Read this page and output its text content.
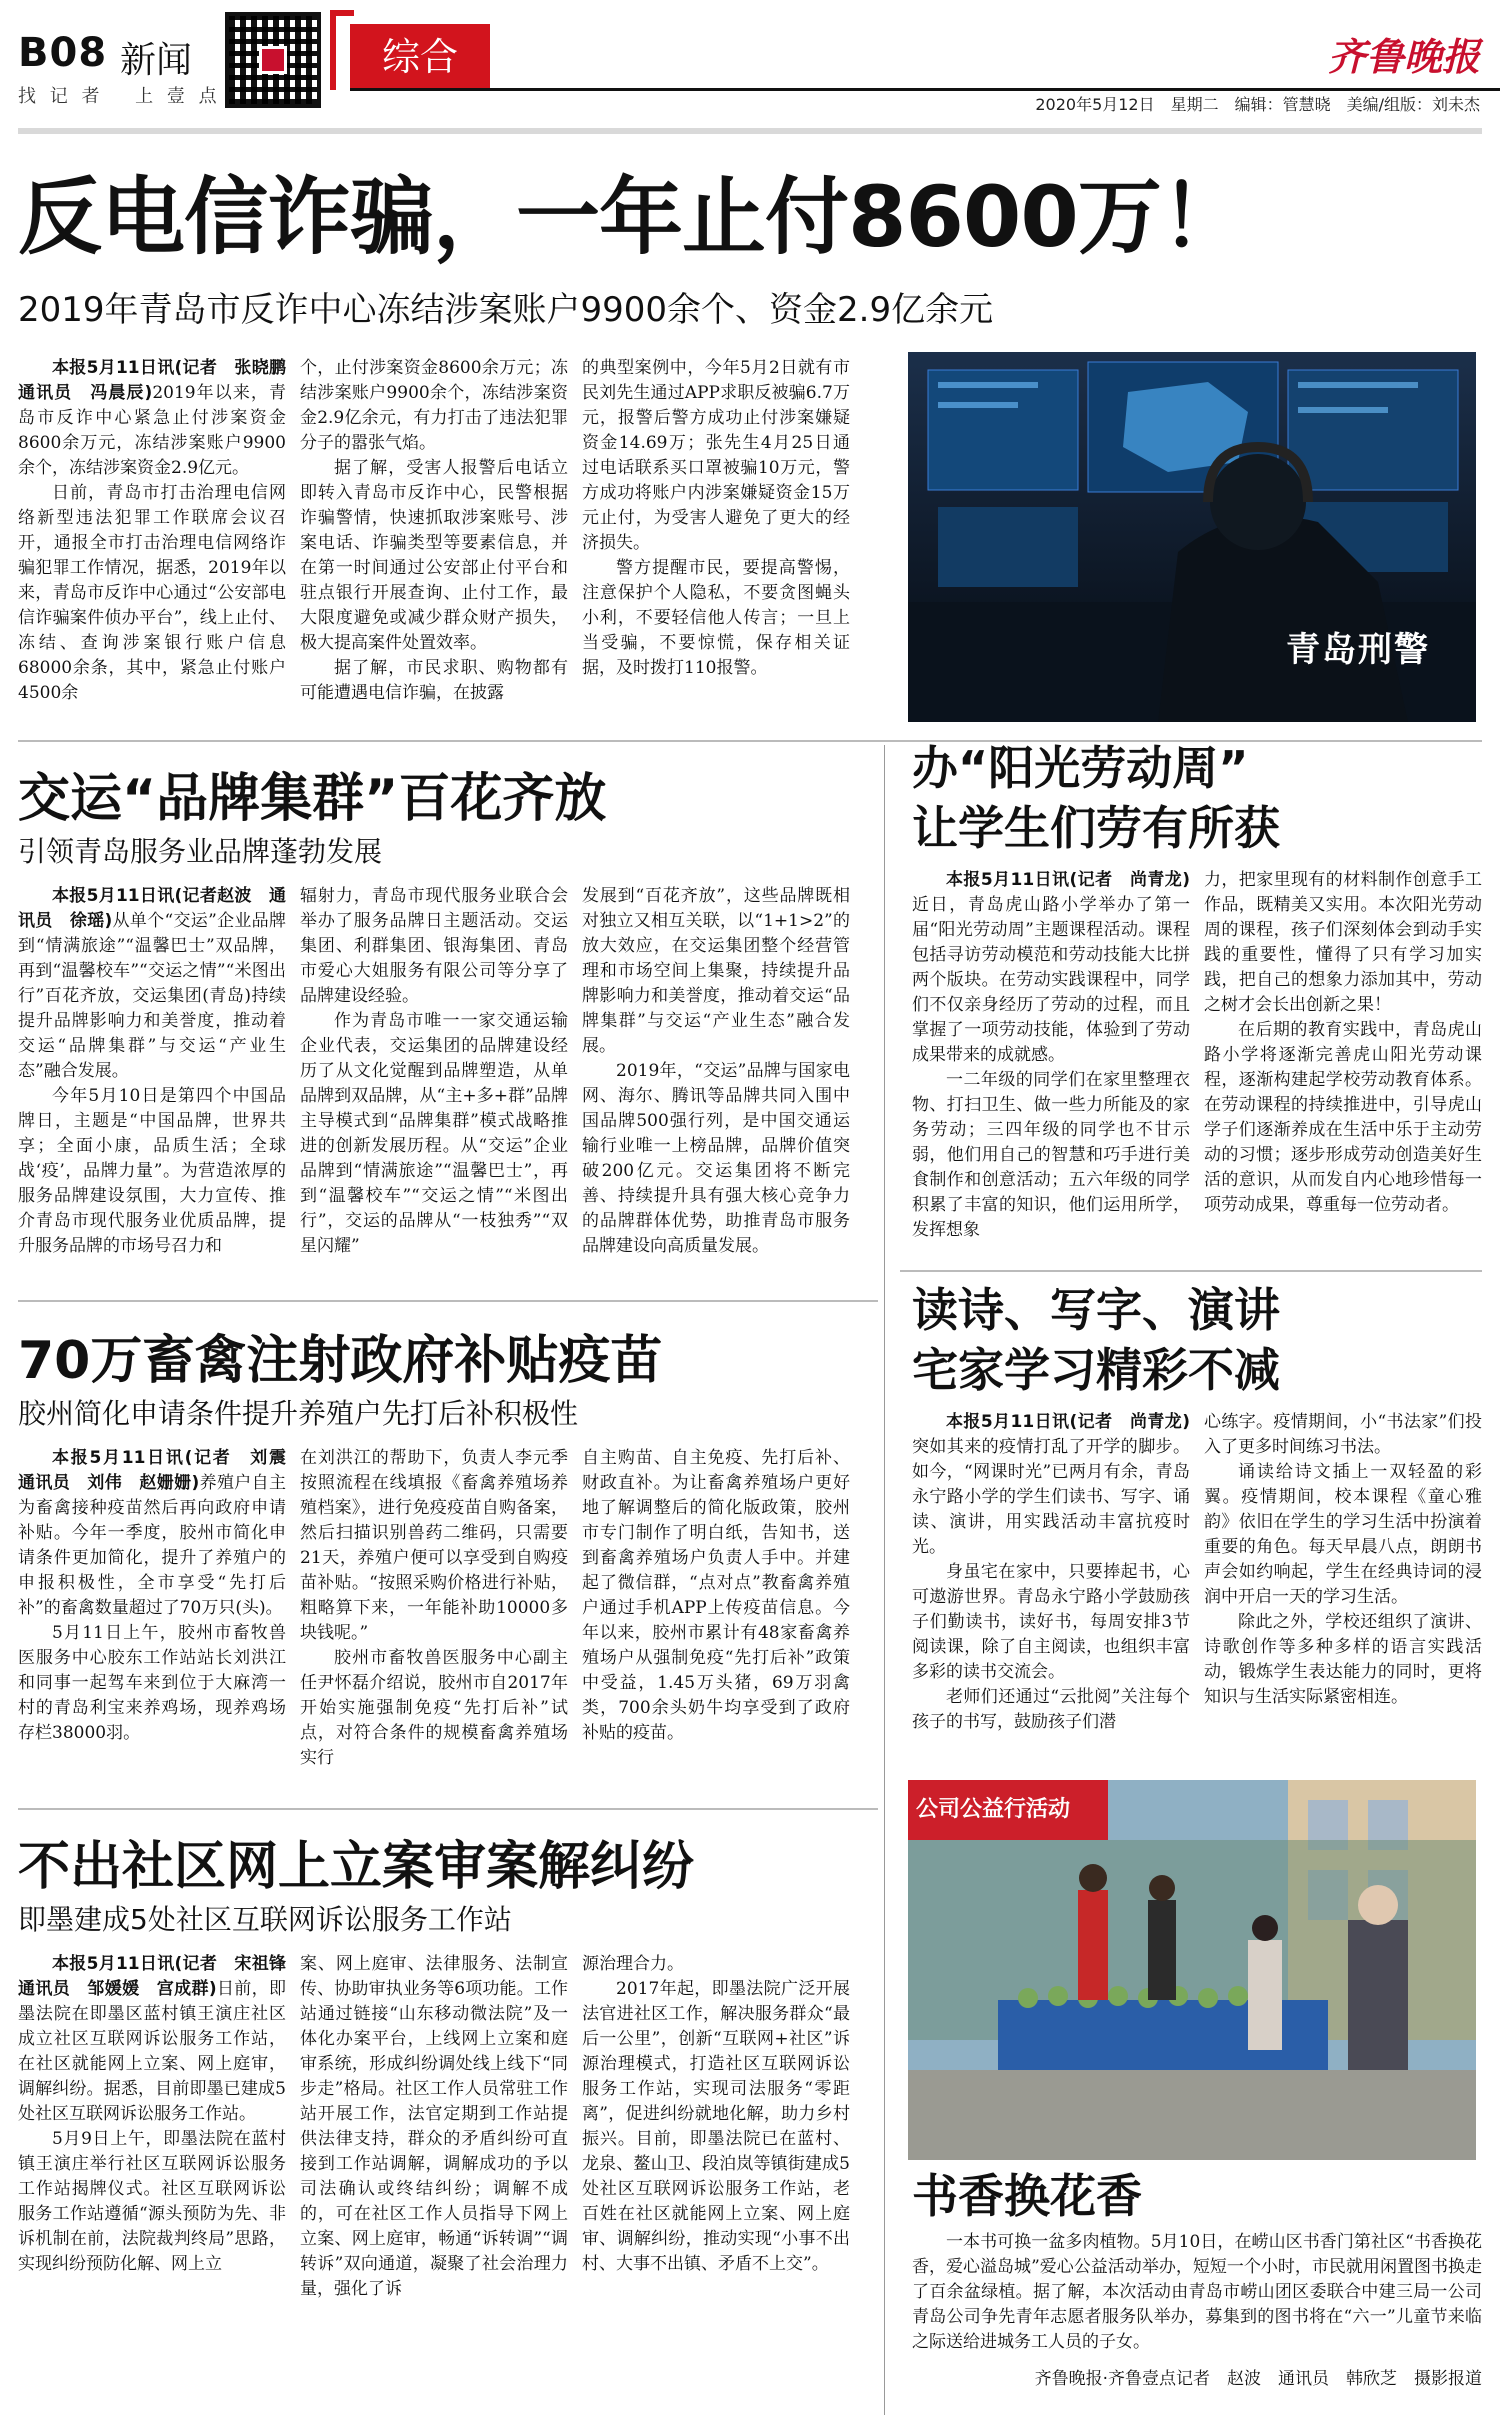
B08 新闻
找 记 者 　上 壹 点
综合	齐鲁晚报
2020年5月12日　星期二　编辑：管慧晓　美编/组版：刘未杰
反电信诈骗，一年止付8600万！
2019年青岛市反诈中心冻结涉案账户9900余个、资金2.9亿余元

本报5月11日讯(记者　张晓鹏　通讯员　冯晨辰)2019年以来，青岛市反诈中心紧急止付涉案资金8600余万元，冻结涉案账户9900余个，冻结涉案资金2.9亿元。

日前，青岛市打击治理电信网络新型违法犯罪工作联席会议召开，通报全市打击治理电信网络诈骗犯罪工作情况，据悉，2019年以来，青岛市反诈中心通过“公安部电信诈骗案件侦办平台”，线上止付、冻结、查询涉案银行账户信息68000余条，其中，紧急止付账户4500余

个，止付涉案资金8600余万元；冻结涉案账户9900余个，冻结涉案资金2.9亿余元，有力打击了违法犯罪分子的嚣张气焰。

据了解，受害人报警后电话立即转入青岛市反诈中心，民警根据诈骗警情，快速抓取涉案账号、涉案电话、诈骗类型等要素信息，并在第一时间通过公安部止付平台和驻点银行开展查询、止付工作，最大限度避免或减少群众财产损失，极大提高案件处置效率。

据了解，市民求职、购物都有可能遭遇电信诈骗，在披露

的典型案例中，今年5月2日就有市民刘先生通过APP求职反被骗6.7万元，报警后警方成功止付涉案嫌疑资金14.69万；张先生4月25日通过电话联系买口罩被骗10万元，警方成功将账户内涉案嫌疑资金15万元止付，为受害人避免了更大的经济损失。

警方提醒市民，要提高警惕，注意保护个人隐私，不要贪图蝇头小利，不要轻信他人传言；一旦上当受骗，不要惊慌，保存相关证据，及时拨打110报警。	青岛刑警
交运“品牌集群”百花齐放
引领青岛服务业品牌蓬勃发展

本报5月11日讯(记者赵波　通讯员　徐瑶)从单个“交运”企业品牌到“情满旅途”“温馨巴士”双品牌，再到“温馨校车”“交运之情”“米图出行”百花齐放，交运集团(青岛)持续提升品牌影响力和美誉度，推动着交运“品牌集群”与交运“产业生态”融合发展。

今年5月10日是第四个中国品牌日，主题是“中国品牌，世界共享；全面小康，品质生活；全球战‘疫’，品牌力量”。为营造浓厚的服务品牌建设氛围，大力宣传、推介青岛市现代服务业优质品牌，提升服务品牌的市场号召力和

辐射力，青岛市现代服务业联合会举办了服务品牌日主题活动。交运集团、利群集团、银海集团、青岛市爱心大姐服务有限公司等分享了品牌建设经验。

作为青岛市唯一一家交通运输企业代表，交运集团的品牌建设经历了从文化觉醒到品牌塑造，从单品牌到双品牌，从“主+多+群”品牌主导模式到“品牌集群”模式战略推进的创新发展历程。从“交运”企业品牌到“情满旅途”“温馨巴士”，再到“温馨校车”“交运之情”“米图出行”，交运的品牌从“一枝独秀”“双星闪耀”

发展到“百花齐放”，这些品牌既相对独立又相互关联，以“1+1>2”的放大效应，在交运集团整个经营管理和市场空间上集聚，持续提升品牌影响力和美誉度，推动着交运“品牌集群”与交运“产业生态”融合发展。

2019年，“交运”品牌与国家电网、海尔、腾讯等品牌共同入围中国品牌500强行列，是中国交通运输行业唯一上榜品牌，品牌价值突破200亿元。交运集团将不断完善、持续提升具有强大核心竞争力的品牌群体优势，助推青岛市服务品牌建设向高质量发展。

办“阳光劳动周”
让学生们劳有所获

本报5月11日讯(记者　尚青龙)近日，青岛虎山路小学举办了第一届“阳光劳动周”主题课程活动。课程包括寻访劳动模范和劳动技能大比拼两个版块。在劳动实践课程中，同学们不仅亲身经历了劳动的过程，而且掌握了一项劳动技能，体验到了劳动成果带来的成就感。

一二年级的同学们在家里整理衣物、打扫卫生、做一些力所能及的家务劳动；三四年级的同学也不甘示弱，他们用自己的智慧和巧手进行美食制作和创意活动；五六年级的同学积累了丰富的知识，他们运用所学，发挥想象

力，把家里现有的材料制作创意手工作品，既精美又实用。本次阳光劳动周的课程，孩子们深刻体会到动手实践的重要性，懂得了只有学习加实践，把自己的想象力添加其中，劳动之树才会长出创新之果！

在后期的教育实践中，青岛虎山路小学将逐渐完善虎山阳光劳动课程，逐渐构建起学校劳动教育体系。在劳动课程的持续推进中，引导虎山学子们逐渐养成在生活中乐于主动劳动的习惯；逐步形成劳动创造美好生活的意识，从而发自内心地珍惜每一项劳动成果，尊重每一位劳动者。

70万畜禽注射政府补贴疫苗
胶州简化申请条件提升养殖户先打后补积极性

本报5月11日讯(记者　刘震　通讯员　刘伟　赵姗姗)养殖户自主为畜禽接种疫苗然后再向政府申请补贴。今年一季度，胶州市简化申请条件更加简化，提升了养殖户的申报积极性，全市享受“先打后补”的畜禽数量超过了70万只(头)。

5月11日上午，胶州市畜牧兽医服务中心胶东工作站站长刘洪江和同事一起驾车来到位于大麻湾一村的青岛利宝来养鸡场，现养鸡场存栏38000羽。

在刘洪江的帮助下，负责人李元季按照流程在线填报《畜禽养殖场养殖档案》，进行免疫疫苗自购备案，然后扫描识别兽药二维码，只需要21天，养殖户便可以享受到自购疫苗补贴。“按照采购价格进行补贴，粗略算下来，一年能补助10000多块钱呢。”

胶州市畜牧兽医服务中心副主任尹怀磊介绍说，胶州市自2017年开始实施强制免疫“先打后补”试点，对符合条件的规模畜禽养殖场实行

自主购苗、自主免疫、先打后补、财政直补。为让畜禽养殖场户更好地了解调整后的简化版政策，胶州市专门制作了明白纸，告知书，送到畜禽养殖场户负责人手中。并建起了微信群，“点对点”教畜禽养殖户通过手机APP上传疫苗信息。今年以来，胶州市累计有48家畜禽养殖场户从强制免疫“先打后补”政策中受益，1.45万头猪，69万羽禽类，700余头奶牛均享受到了政府补贴的疫苗。

读诗、写字、演讲
宅家学习精彩不减

本报5月11日讯(记者　尚青龙)突如其来的疫情打乱了开学的脚步。如今，“网课时光”已两月有余，青岛永宁路小学的学生们读书、写字、诵读、演讲，用实践活动丰富抗疫时光。

身虽宅在家中，只要捧起书，心可遨游世界。青岛永宁路小学鼓励孩子们勤读书，读好书，每周安排3节阅读课，除了自主阅读，也组织丰富多彩的读书交流会。

老师们还通过“云批阅”关注每个孩子的书写，鼓励孩子们潜

心练字。疫情期间，小“书法家”们投入了更多时间练习书法。

诵读给诗文插上一双轻盈的彩翼。疫情期间，校本课程《童心雅韵》依旧在学生的学习生活中扮演着重要的角色。每天早晨八点，朗朗书声会如约响起，学生在经典诗词的浸润中开启一天的学习生活。

除此之外，学校还组织了演讲、诗歌创作等多种多样的语言实践活动，锻炼学生表达能力的同时，更将知识与生活实际紧密相连。

不出社区网上立案审案解纠纷
即墨建成5处社区互联网诉讼服务工作站

本报5月11日讯(记者　宋祖锋　通讯员　邹媛媛　宫成群)日前，即墨法院在即墨区蓝村镇王演庄社区成立社区互联网诉讼服务工作站，在社区就能网上立案、网上庭审，调解纠纷。据悉，目前即墨已建成5处社区互联网诉讼服务工作站。

5月9日上午，即墨法院在蓝村镇王演庄举行社区互联网诉讼服务工作站揭牌仪式。社区互联网诉讼服务工作站遵循“源头预防为先、非诉机制在前，法院裁判终局”思路，实现纠纷预防化解、网上立

案、网上庭审、法律服务、法制宣传、协助审执业务等6项功能。工作站通过链接“山东移动微法院”及一体化办案平台，上线网上立案和庭审系统，形成纠纷调处线上线下“同步走”格局。社区工作人员常驻工作站开展工作，法官定期到工作站提供法律支持，群众的矛盾纠纷可直接到工作站调解，调解成功的予以司法确认或终结纠纷；调解不成的，可在社区工作人员指导下网上立案、网上庭审，畅通“诉转调”“调转诉”双向通道，凝聚了社会治理力量，强化了诉

源治理合力。

2017年起，即墨法院广泛开展法官进社区工作，解决服务群众“最后一公里”，创新“互联网+社区”诉源治理模式，打造社区互联网诉讼服务工作站，实现司法服务“零距离”，促进纠纷就地化解，助力乡村振兴。目前，即墨法院已在蓝村、龙泉、鳌山卫、段泊岚等镇街建成5处社区互联网诉讼服务工作站，老百姓在社区就能网上立案、网上庭审、调解纠纷，推动实现“小事不出村、大事不出镇、矛盾不上交”。

公司公益行活动
书香换花香
一本书可换一盆多肉植物。5月10日，在崂山区书香门第社区“书香换花香，爱心溢岛城”爱心公益活动举办，短短一个小时，市民就用闲置图书换走了百余盆绿植。据了解，本次活动由青岛市崂山团区委联合中建三局一公司青岛公司争先青年志愿者服务队举办，募集到的图书将在“六一”儿童节来临之际送给进城务工人员的子女。
齐鲁晚报·齐鲁壹点记者　赵波　通讯员　韩欣芝　摄影报道
